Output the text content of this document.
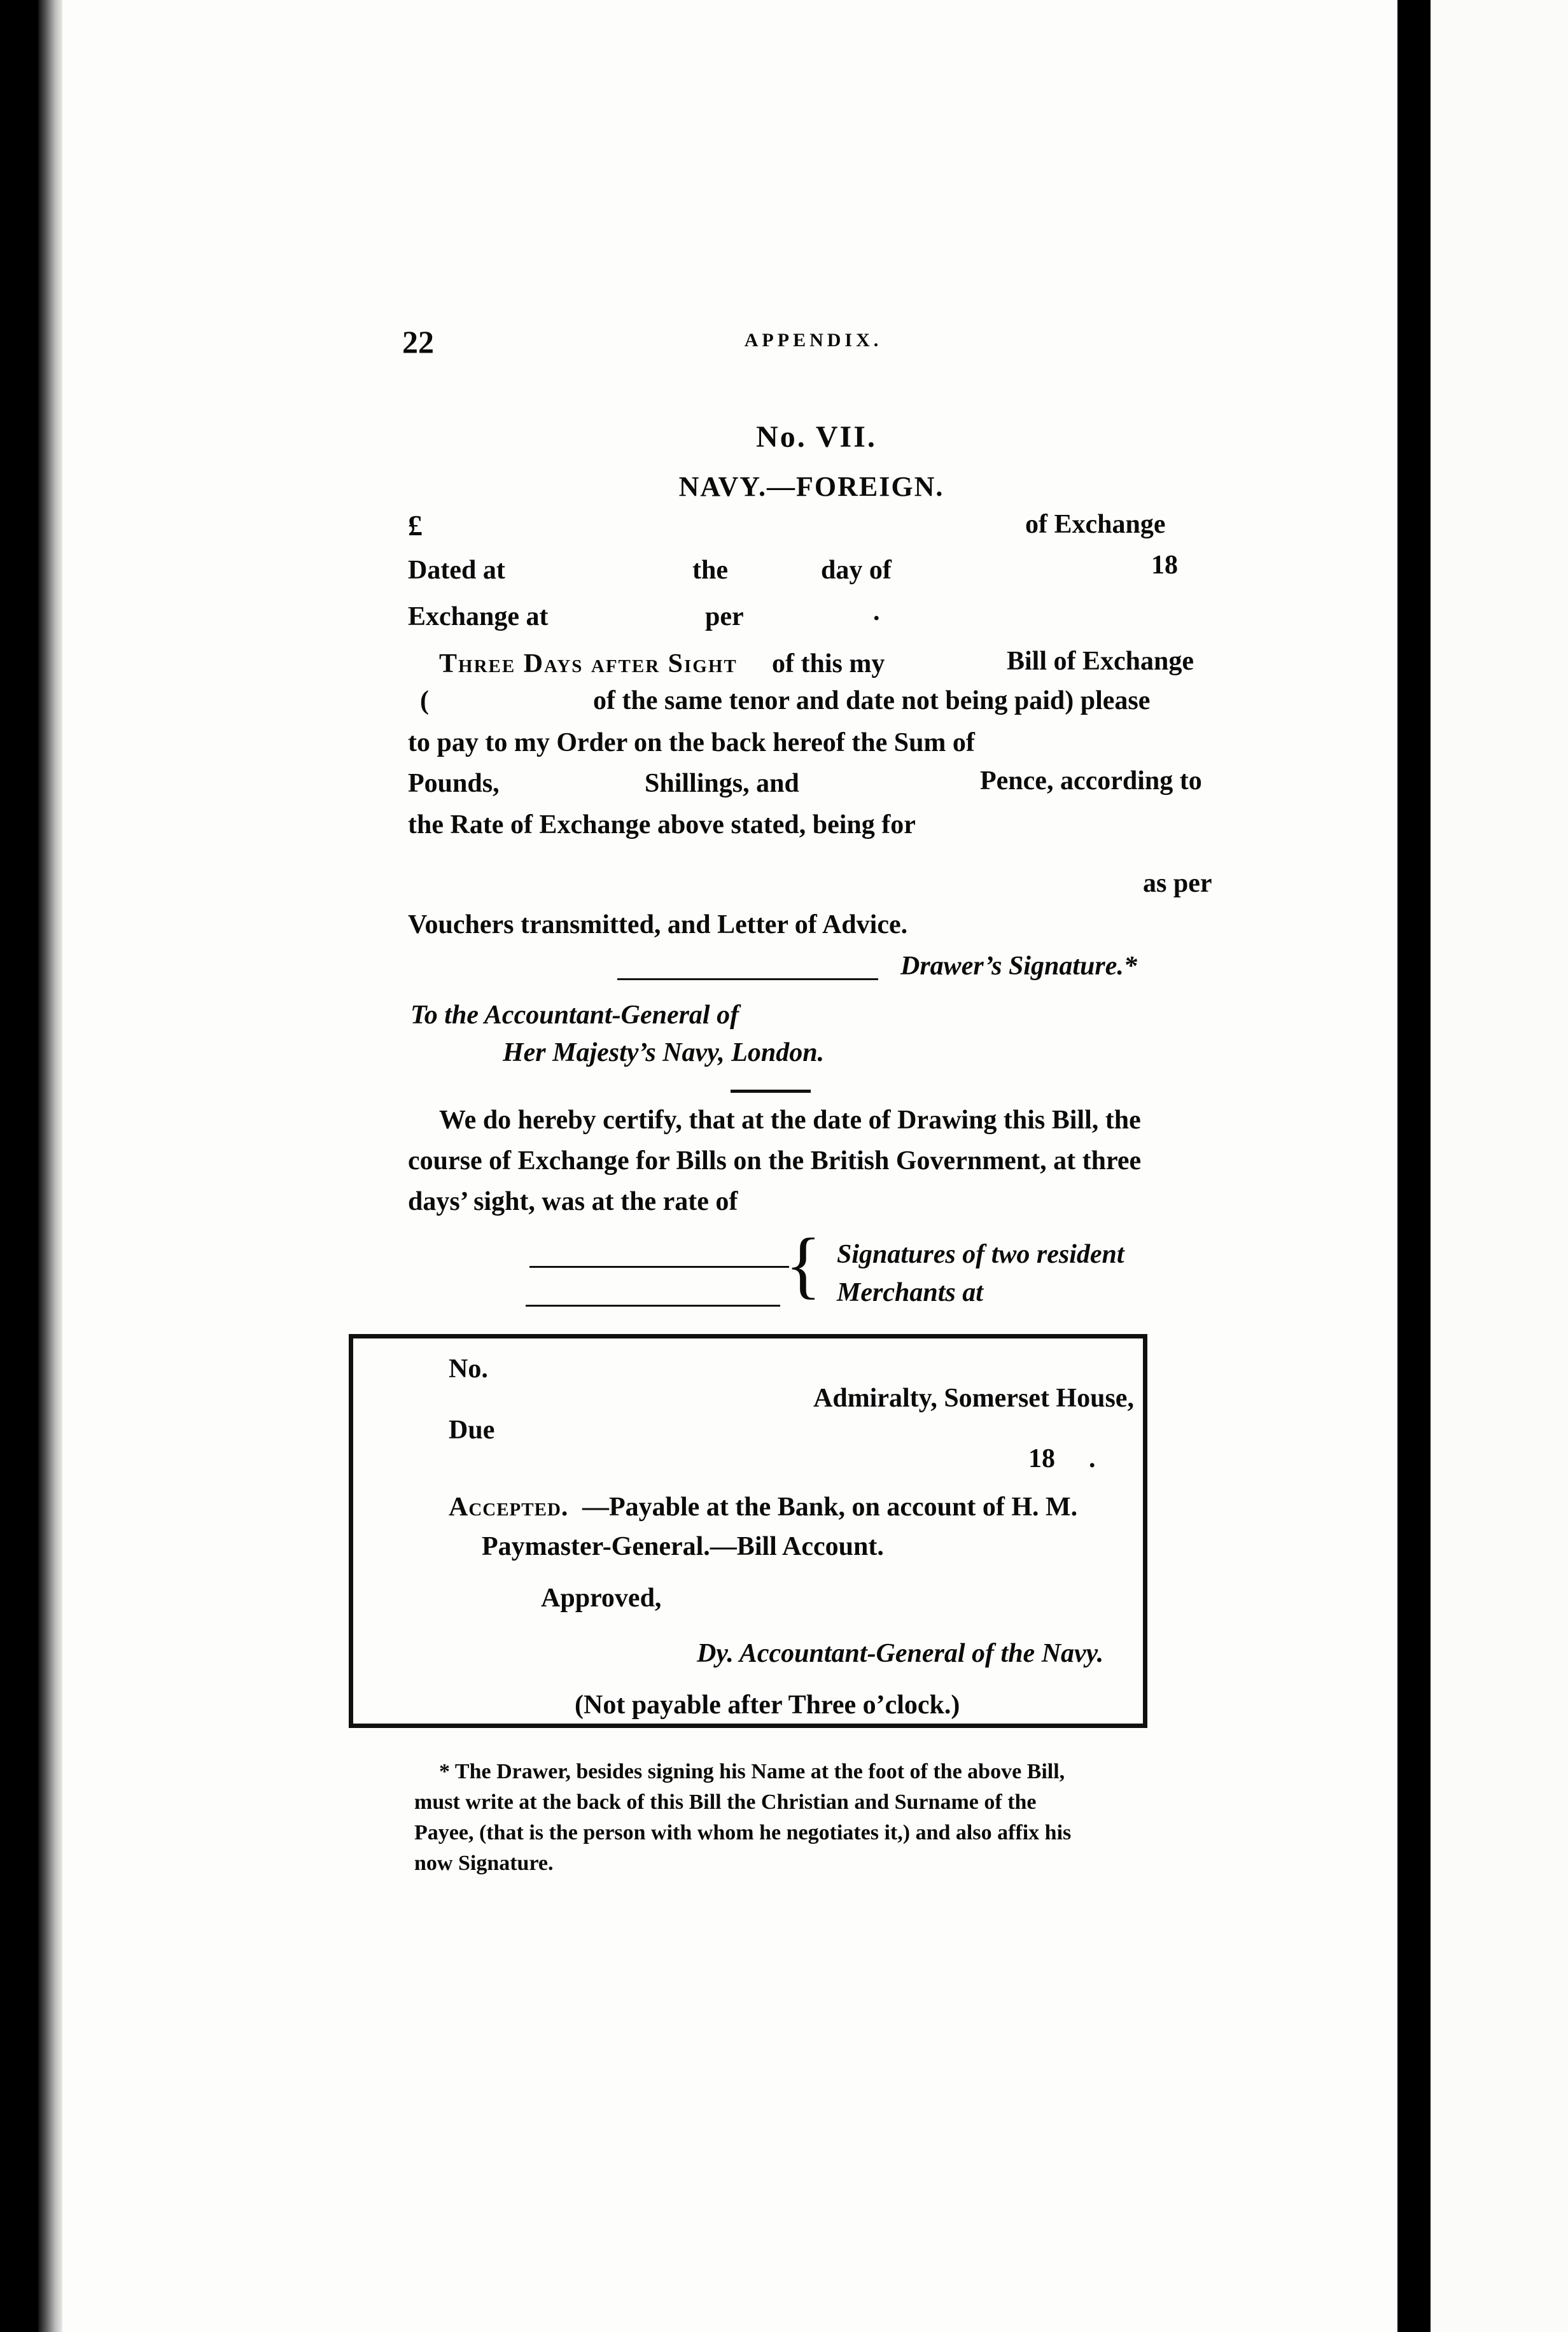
22	APPENDIX.
No. VII.
NAVY.—FOREIGN.
£	of Exchange
Dated at	the	day of	18
Exchange at	per	.
Three Days after Sight of this my	Bill of Exchange
(	of the same tenor and date not being paid) please
to pay to my Order on the back hereof the Sum of
Pounds,	Shillings, and	Pence, according to
the Rate of Exchange above stated, being for
as per
Vouchers transmitted, and Letter of Advice.
Drawer’s Signature.*
To the Accountant-General of
Her Majesty’s Navy, London.
We do hereby certify, that at the date of Drawing this Bill, the
course of Exchange for Bills on the British Government, at three
days’ sight, was at the rate of
{ Signatures of two resident
Merchants at
No.
Admiralty, Somerset House,
Due
18 .
Accepted. —Payable at the Bank, on account of H. M.
Paymaster-General.—Bill Account.
Approved,
Dy. Accountant-General of the Navy.
(Not payable after Three o’clock.)
* The Drawer, besides signing his Name at the foot of the above Bill,
must write at the back of this Bill the Christian and Surname of the
Payee, (that is the person with whom he negotiates it,) and also affix his
now Signature.
